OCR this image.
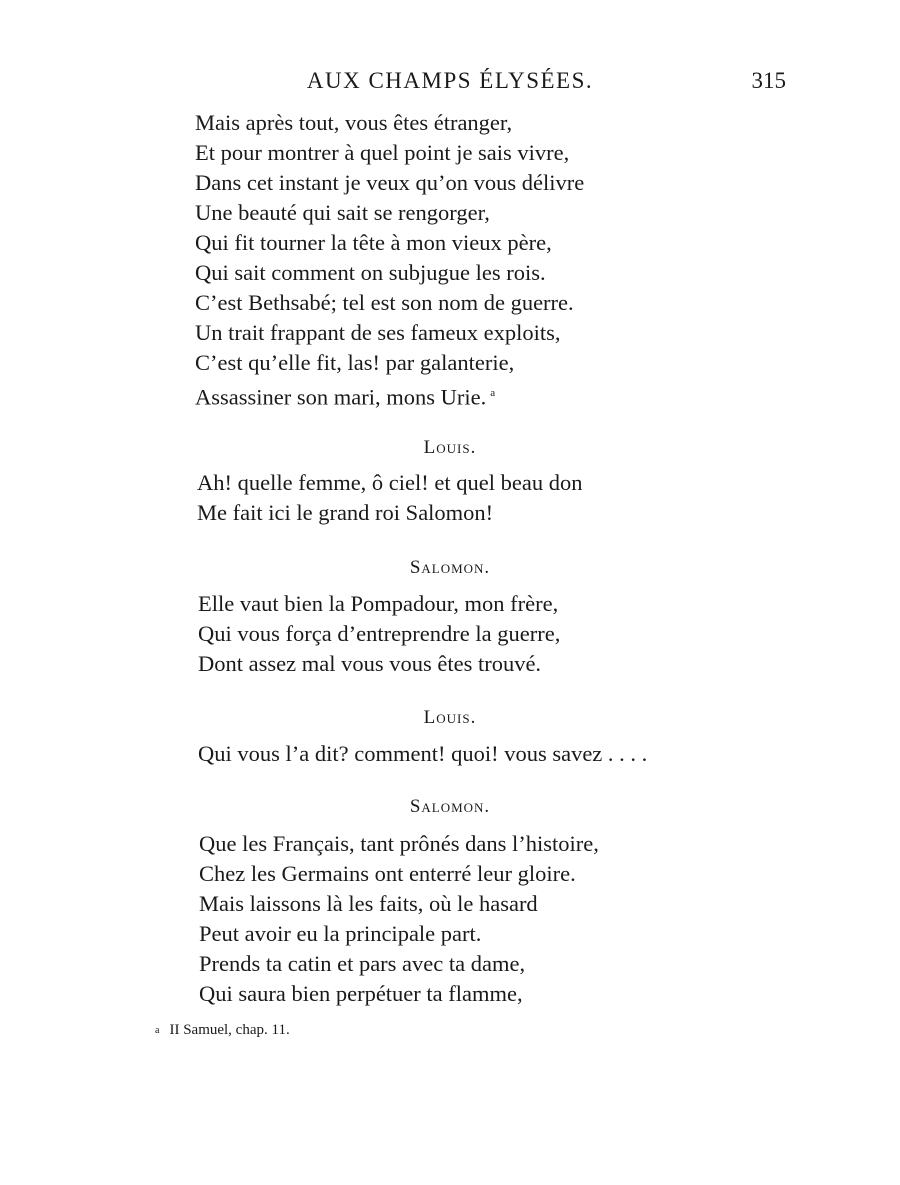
AUX CHAMPS ÉLYSÉES.	315
Mais après tout, vous êtes étranger,
Et pour montrer à quel point je sais vivre,
Dans cet instant je veux qu’on vous délivre
Une beauté qui sait se rengorger,
Qui fit tourner la tête à mon vieux père,
Qui sait comment on subjugue les rois.
C’est Bethsabé; tel est son nom de guerre.
Un trait frappant de ses fameux exploits,
C’est qu’elle fit, las! par galanterie,
Assassiner son mari, mons Urie. $^a$
Louis.
Ah! quelle femme, ô ciel! et quel beau don
Me fait ici le grand roi Salomon!
Salomon.
Elle vaut bien la Pompadour, mon frère,
Qui vous força d’entreprendre la guerre,
Dont assez mal vous vous êtes trouvé.
Louis.
Qui vous l’a dit? comment! quoi! vous savez . . . .
Salomon.
Que les Français, tant prônés dans l’histoire,
Chez les Germains ont enterré leur gloire.
Mais laissons là les faits, où le hasard
Peut avoir eu la principale part.
Prends ta catin et pars avec ta dame,
Qui saura bien perpétuer ta flamme,
a II Samuel, chap. 11.
